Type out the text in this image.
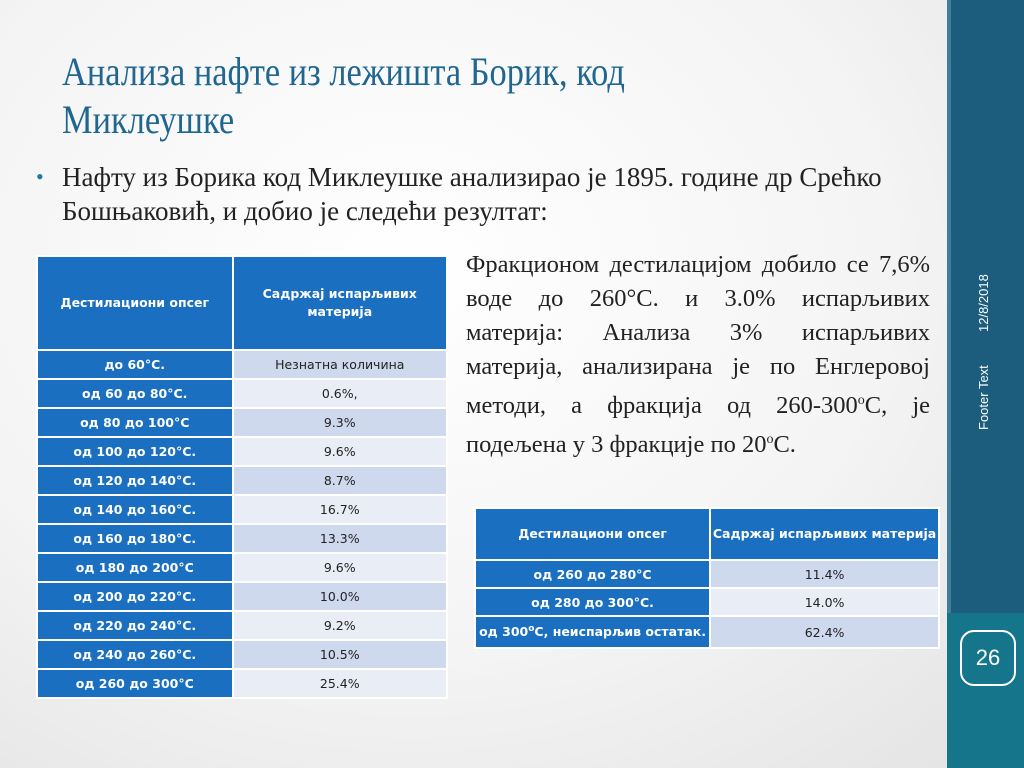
Анализа нафте из лежишта Борик, код Миклеушке
• Нафту из Борика код Миклеушке анализирао је 1895. године др Срећко Бошњаковић, и добио је следећи резултат:
Дестилациони опсег	Садржај испарљивих материја
до 60°C.	Незнатна количина
од 60 до 80°C.	0.6%,
од 80 до 100°C	9.3%
од 100 до 120°C.	9.6%
од 120 до 140°C.	8.7%
од 140 до 160°C.	16.7%
од 160 до 180°C.	13.3%
од 180 до 200°C	9.6%
од 200 до 220°C.	10.0%
од 220 до 240°C.	9.2%
од 240 до 260°C.	10.5%
од 260 до 300°C	25.4%
Фракционом дестилацијом добило се 7,6% воде до 260°C. и 3.0% испарљивих материја: Анализа 3% испарљивих материја, анализирана је по Енглеровој методи, а фракција од 260-300$^o$C, је подељена у 3 фракције по 20$^o$C.
Дестилациони опсег	Садржај испарљивих материја
од 260 до 280°C	11.4%
од 280 до 300°C.	14.0%
од 300$^o$C, неиспарљив остатак.	62.4%
12/8/2018
Footer Text
26
